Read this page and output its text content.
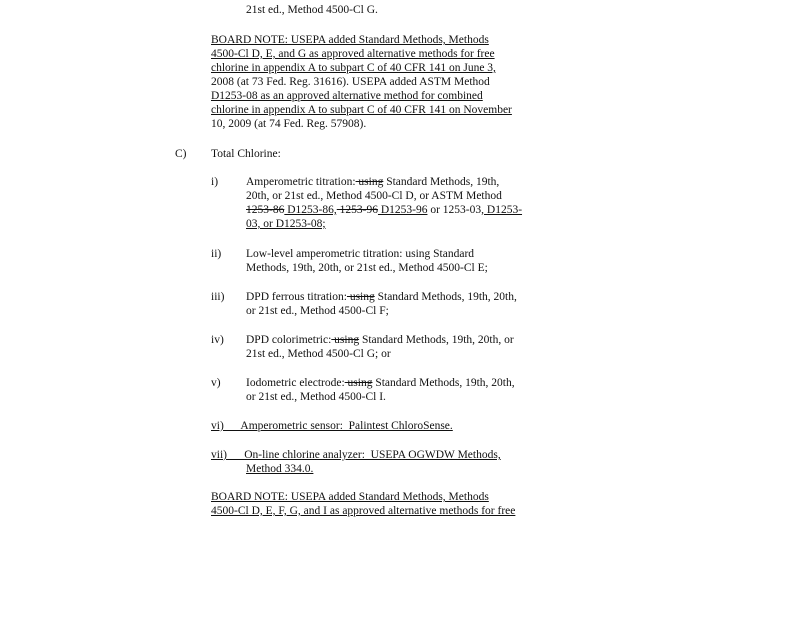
21st ed., Method 4500-Cl G.
BOARD NOTE: USEPA added Standard Methods, Methods
4500-Cl D, E, and G as approved alternative methods for free
chlorine in appendix A to subpart C of 40 CFR 141 on June 3,
2008 (at 73 Fed. Reg. 31616). USEPA added ASTM Method
D1253-08 as an approved alternative method for combined
chlorine in appendix A to subpart C of 40 CFR 141 on November
10, 2009 (at 74 Fed. Reg. 57908).
C) Total Chlorine:
i) Amperometric titration: using Standard Methods, 19th,
20th, or 21st ed., Method 4500-Cl D, or ASTM Method
1253-86 D1253-86, 1253-96 D1253-96 or 1253-03, D1253-
03, or D1253-08;
ii) Low-level amperometric titration: using Standard
Methods, 19th, 20th, or 21st ed., Method 4500-Cl E;
iii) DPD ferrous titration: using Standard Methods, 19th, 20th,
or 21st ed., Method 4500-Cl F;
iv) DPD colorimetric: using Standard Methods, 19th, 20th, or
21st ed., Method 4500-Cl G; or
v) Iodometric electrode: using Standard Methods, 19th, 20th,
or 21st ed., Method 4500-Cl I.
vi)      Amperometric sensor:  Palintest ChloroSense.
vii)      On-line chlorine analyzer:  USEPA OGWDW Methods,
Method 334.0.
BOARD NOTE: USEPA added Standard Methods, Methods
4500-Cl D, E, F, G, and I as approved alternative methods for free
